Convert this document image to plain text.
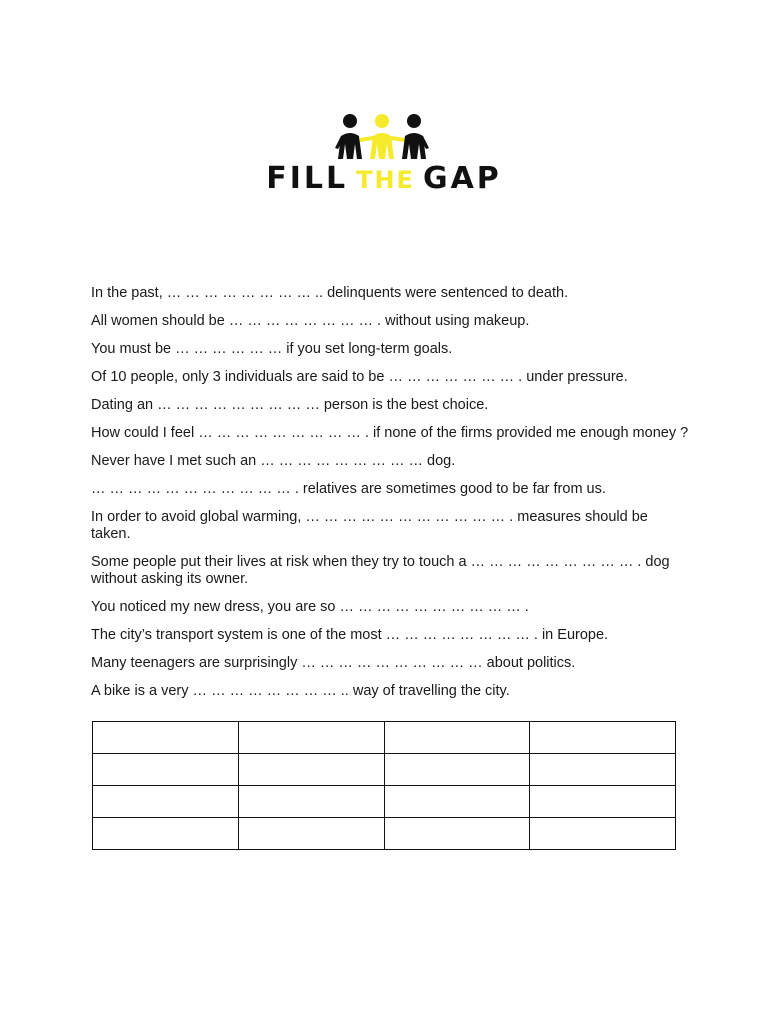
FILL THE GAP
In the past, … … … … … … … … .. delinquents were sentenced to death.
All women should be … … … … … … … … . without using makeup.
You must be … … … … … … if you set long-term goals.
Of 10 people, only 3 individuals are said to be … … … … … … … . under pressure.
Dating an … … … … … … … … … person is the best choice.
How could I feel … … … … … … … … … . if none of the firms provided me enough money ?
Never have I met such an … … … … … … … … … dog.
… … … … … … … … … … … . relatives are sometimes good to be far from us.
In order to avoid global warming, … … … … … … … … … … … . measures should be taken.
Some people put their lives at risk when they try to touch a … … … … … … … … … . dog without asking its owner.
You noticed my new dress, you are so … … … … … … … … … … .
The city’s transport system is one of the most … … … … … … … … . in Europe.
Many teenagers are surprisingly … … … … … … … … … … about politics.
A bike is a very … … … … … … … … .. way of travelling the city.
